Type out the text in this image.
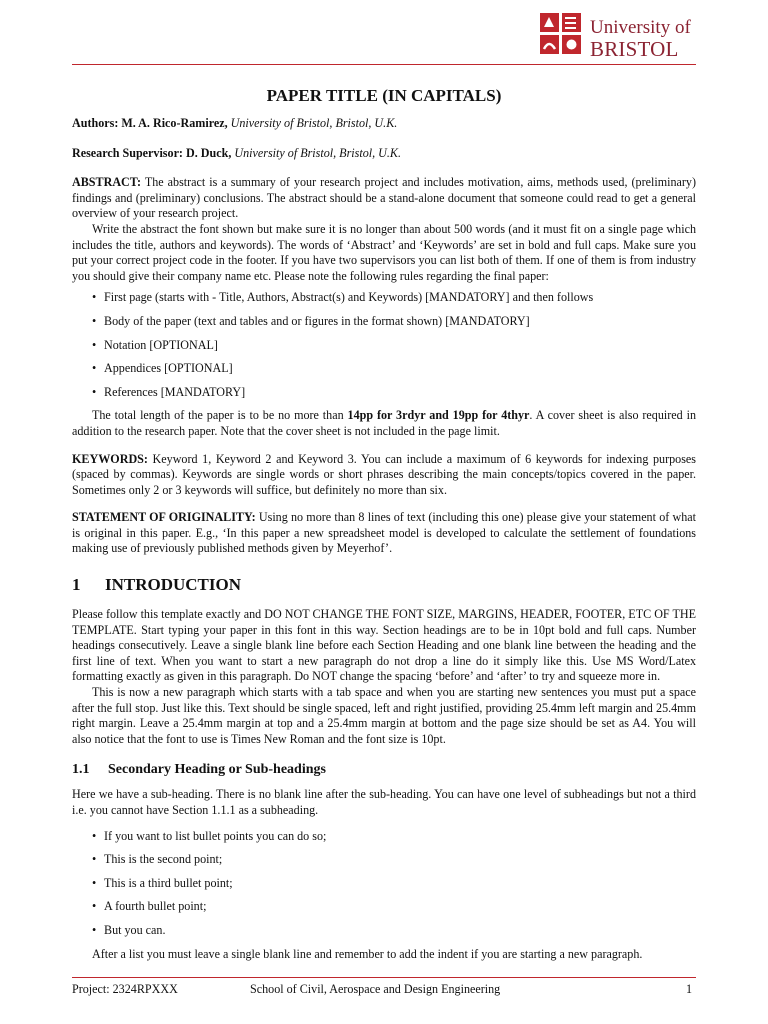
University of
BRISTOL
PAPER TITLE (IN CAPITALS)

Authors: M. A. Rico-Ramirez, University of Bristol, Bristol, U.K.

Research Supervisor: D. Duck, University of Bristol, Bristol, U.K.

ABSTRACT: The abstract is a summary of your research project and includes motivation, aims, methods used, (preliminary) findings and (preliminary) conclusions. The abstract should be a stand-alone document that someone could read to get a general overview of your research project.

Write the abstract the font shown but make sure it is no longer than about 500 words (and it must fit on a single page which includes the title, authors and keywords). The words of ‘Abstract’ and ‘Keywords’ are set in bold and full caps. Make sure you put your correct project code in the footer. If you have two supervisors you can list both of them. If one of them is from industry you should give their company name etc. Please note the following rules regarding the final paper:

• First page (starts with - Title, Authors, Abstract(s) and Keywords) [MANDATORY] and then follows
• Body of the paper (text and tables and or figures in the format shown) [MANDATORY]
• Notation [OPTIONAL]
• Appendices [OPTIONAL]
• References [MANDATORY]

The total length of the paper is to be no more than 14pp for 3rdyr and 19pp for 4thyr. A cover sheet is also required in addition to the research paper. Note that the cover sheet is not included in the page limit.

KEYWORDS: Keyword 1, Keyword 2 and Keyword 3. You can include a maximum of 6 keywords for indexing purposes (spaced by commas). Keywords are single words or short phrases describing the main concepts/topics covered in the paper. Sometimes only 2 or 3 keywords will suffice, but definitely no more than six.

STATEMENT OF ORIGINALITY: Using no more than 8 lines of text (including this one) please give your statement of what is original in this paper. E.g., ‘In this paper a new spreadsheet model is developed to calculate the settlement of foundations making use of previously published methods given by Meyerhof’.

1 INTRODUCTION

Please follow this template exactly and DO NOT CHANGE THE FONT SIZE, MARGINS, HEADER, FOOTER, ETC OF THE TEMPLATE. Start typing your paper in this font in this way. Section headings are to be in 10pt bold and full caps. Number headings consecutively. Leave a single blank line before each Section Heading and one blank line between the heading and the first line of text. When you want to start a new paragraph do not drop a line do it simply like this. Use MS Word/Latex formatting exactly as given in this paragraph. Do NOT change the spacing ‘before’ and ‘after’ to try and squeeze more in.

This is now a new paragraph which starts with a tab space and when you are starting new sentences you must put a space after the full stop. Just like this. Text should be single spaced, left and right justified, providing 25.4mm left margin and 25.4mm right margin. Leave a 25.4mm margin at top and a 25.4mm margin at bottom and the page size should be set as A4. You will also notice that the font to use is Times New Roman and the font size is 10pt.

1.1 Secondary Heading or Sub-headings

Here we have a sub-heading. There is no blank line after the sub-heading. You can have one level of subheadings but not a third i.e. you cannot have Section 1.1.1 as a subheading.

• If you want to list bullet points you can do so;
• This is the second point;
• This is a third bullet point;
• A fourth bullet point;
• But you can.

After a list you must leave a single blank line and remember to add the indent if you are starting a new paragraph.

Project: 2324RPXXX	School of Civil, Aerospace and Design Engineering	1
